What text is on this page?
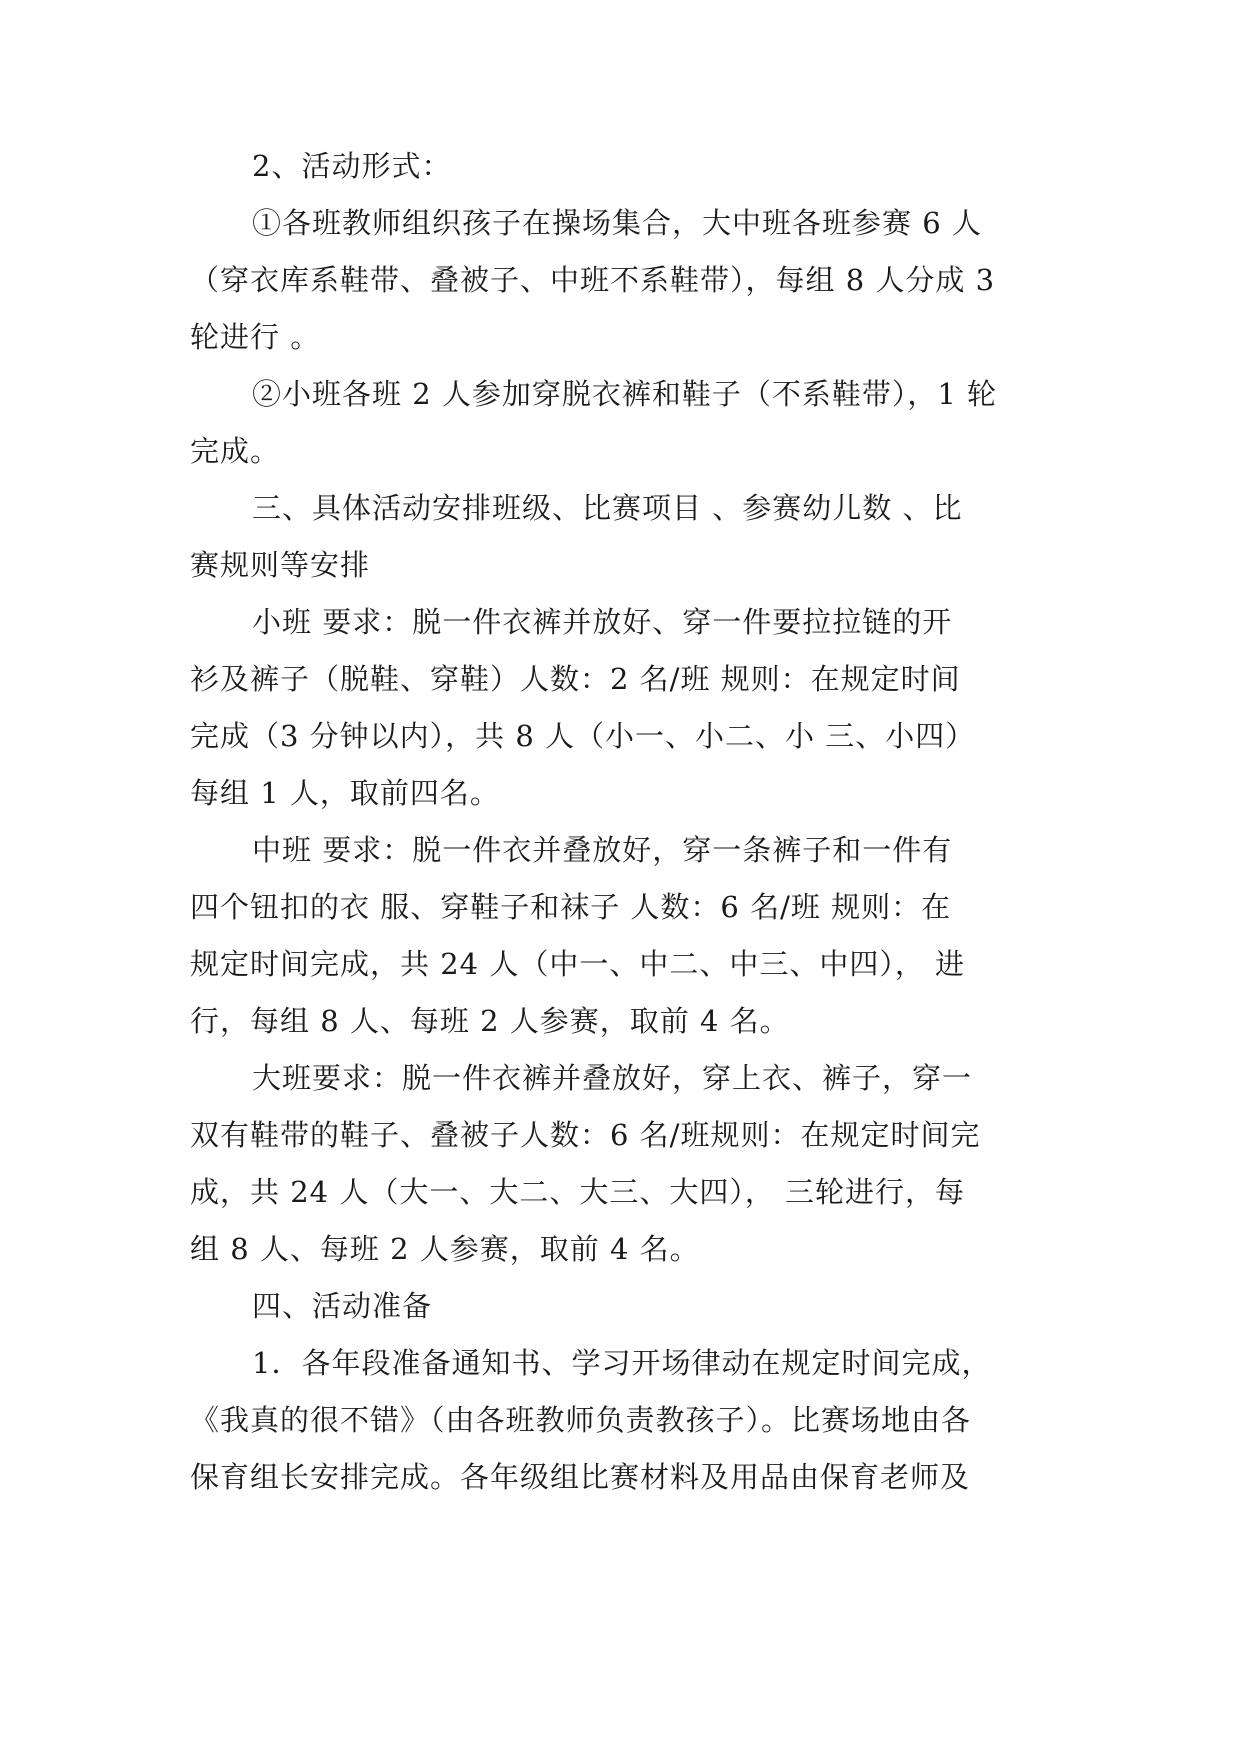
2、活动形式：
①各班教师组织孩子在操场集合，大中班各班参赛 6 人
（穿衣库系鞋带、叠被子、中班不系鞋带），每组 8 人分成 3
轮进行 。
②小班各班 2 人参加穿脱衣裤和鞋子（不系鞋带），1 轮
完成。
三、具体活动安排班级、比赛项目 、参赛幼儿数 、比
赛规则等安排
小班 要求：脱一件衣裤并放好、穿一件要拉拉链的开
衫及裤子（脱鞋、穿鞋）人数：2 名/班 规则：在规定时间
完成（3 分钟以内），共 8 人（小一、小二、小 三、小四）
每组 1 人，取前四名。
中班 要求：脱一件衣并叠放好，穿一条裤子和一件有
四个钮扣的衣 服、穿鞋子和袜子 人数：6 名/班 规则：在
规定时间完成，共 24 人（中一、中二、中三、中四）， 进
行，每组 8 人、每班 2 人参赛，取前 4 名。
大班要求：脱一件衣裤并叠放好，穿上衣、裤子，穿一
双有鞋带的鞋子、叠被子人数：6 名/班规则：在规定时间完
成，共 24 人（大一、大二、大三、大四）， 三轮进行，每
组 8 人、每班 2 人参赛，取前 4 名。
四、活动准备
1．各年段准备通知书、学习开场律动在规定时间完成，
《我真的很不错》（由各班教师负责教孩子）。比赛场地由各
保育组长安排完成。各年级组比赛材料及用品由保育老师及
